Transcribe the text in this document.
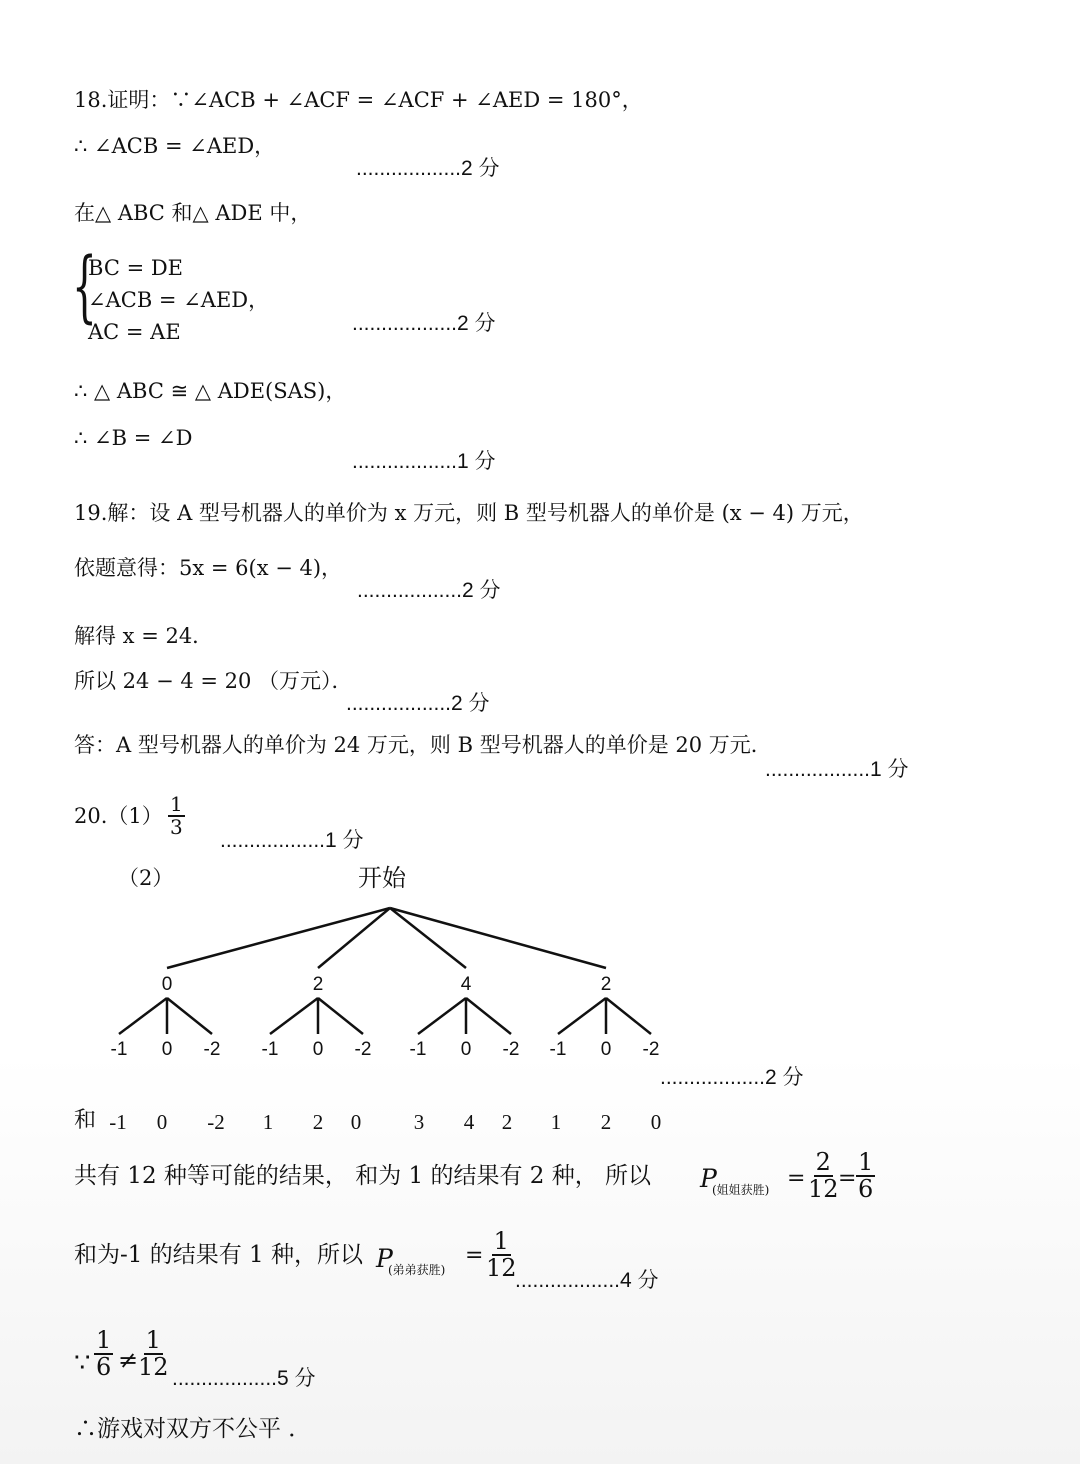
18.证明：∵∠ACB + ∠ACF = ∠ACF + ∠AED = 180°，
∴ ∠ACB = ∠AED，
..................2 分
在△ ABC 和△ ADE 中，
{
BC = DE
∠ACB = ∠AED，
AC = AE	..................2 分
∴ △ ABC ≅ △ ADE(SAS)，
∴ ∠B = ∠D
..................1 分
19.解：设 A 型号机器人的单价为 x 万元，则 B 型号机器人的单价是 (x − 4) 万元，
依题意得：5x = 6(x − 4)，
..................2 分
解得 x = 24．
所以 24 − 4 = 20 （万元）．
..................2 分
答：A 型号机器人的单价为 24 万元，则 B 型号机器人的单价是 20 万元．
..................1 分
$20.(1) \frac{1}{3}$
..................1 分
（2）	开始
0
-1 0 -2
2
-1 0 -2
4
-1 0 -2
2
-1 0 -2
..................2 分
和 -1 0 -2 1 2 0	3 4 2 1 2 0
共有 12 种等可能的结果， 和为 1 的结果有 2 种， 所以 P
(姐姐获胜) = $\frac{2}{12}$
= $\frac{1}{6}$
和为-1 的结果有 1 种，所以 P
(弟弟获胜)
= $\frac{1}{12}$
..................4 分
∵ $\frac{1}{6}$ ≠
$\frac{1}{12} ..................5$ 分
∴游戏对双方不公平 ．
